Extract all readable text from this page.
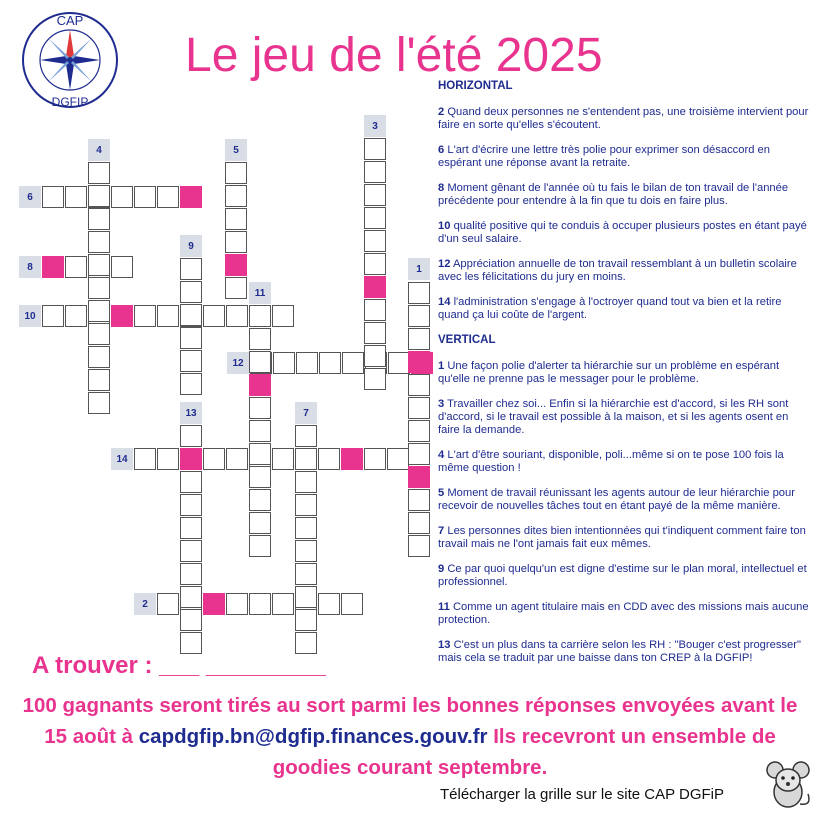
CAP
DGFIP
Le jeu de l'été 2025
1
2
3
4	5
6
7
8
9
10
11
12
13
14
HORIZONTAL
2 Quand deux personnes ne s'entendent pas, une troisième intervient pour faire en sorte qu'elles s'écoutent.
6 L'art d'écrire une lettre très polie pour exprimer son désaccord en espérant une réponse avant la retraite.
8 Moment gênant de l'année où tu fais le bilan de ton travail de l'année précédente pour entendre à la fin que tu dois en faire plus.
10 qualité positive qui te conduis à occuper plusieurs postes en étant payé d'un seul salaire.
12 Appréciation annuelle de ton travail ressemblant à un bulletin scolaire avec les félicitations du jury en moins.
14 l'administration s'engage à l'octroyer quand tout va bien et la retire quand ça lui coûte de l'argent.
VERTICAL
1 Une façon polie d'alerter ta hiérarchie sur un problème en espérant qu'elle ne prenne pas le messager pour le problème.
3 Travailler chez soi... Enfin si la hiérarchie est d'accord, si les RH sont d'accord, si le travail est possible à la maison, et si les agents osent en faire la demande.
4 L'art d'être souriant, disponible, poli...même si on te pose 100 fois la même question !
5 Moment de travail réunissant les agents autour de leur hiérarchie pour recevoir de nouvelles tâches tout en étant payé de la même manière.
7 Les personnes dites bien intentionnées qui t'indiquent comment faire ton travail mais ne l'ont jamais fait eux mêmes.
9 Ce par quoi quelqu'un est digne d'estime sur le plan moral, intellectuel et professionnel.
11 Comme un agent titulaire mais en CDD avec des missions mais aucune protection.
13 C'est un plus dans ta carrière selon les RH : "Bouger c'est progresser" mais cela se traduit par une baisse dans ton CREP à la DGFIP!
A trouver : ___ _________
100 gagnants seront tirés au sort parmi les bonnes réponses envoyées avant le 15 août à capdgfip.bn@dgfip.finances.gouv.fr Ils recevront un ensemble de goodies courant septembre.
Télécharger la grille sur le site CAP DGFiP
